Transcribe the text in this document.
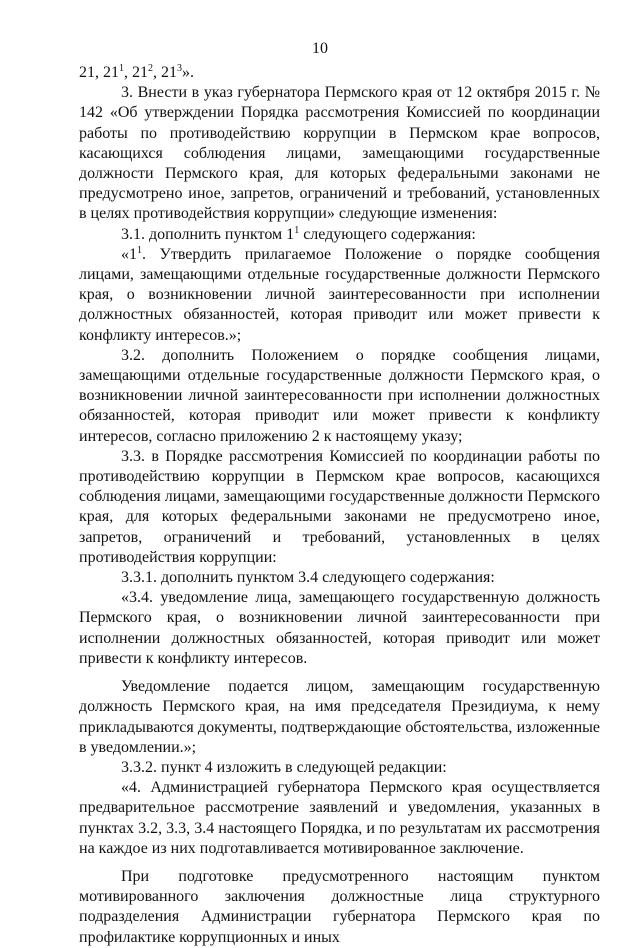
10

21, $21^1$, $21^2$, $21^3$».

3. Внести в указ губернатора Пермского края от 12 октября 2015 г. № 142 «Об утверждении Порядка рассмотрения Комиссией по координации работы по противодействию коррупции в Пермском крае вопросов, касающихся соблюдения лицами, замещающими государственные должности Пермского края, для которых федеральными законами не предусмотрено иное, запретов, ограничений и требований, установленных в целях противодействия коррупции» следующие изменения:

3.1. дополнить пунктом $1^1$ следующего содержания:

«$1^1$. Утвердить прилагаемое Положение о порядке сообщения лицами, замещающими отдельные государственные должности Пермского края, о возникновении личной заинтересованности при исполнении должностных обязанностей, которая приводит или может привести к конфликту интересов.»;

3.2. дополнить Положением о порядке сообщения лицами, замещающими отдельные государственные должности Пермского края, о возникновении личной заинтересованности при исполнении должностных обязанностей, которая приводит или может привести к конфликту интересов, согласно приложению 2 к настоящему указу;

3.3. в Порядке рассмотрения Комиссией по координации работы по противодействию коррупции в Пермском крае вопросов, касающихся соблюдения лицами, замещающими государственные должности Пермского края, для которых федеральными законами не предусмотрено иное, запретов, ограничений и требований, установленных в целях противодействия коррупции:

3.3.1. дополнить пунктом 3.4 следующего содержания:

«3.4. уведомление лица, замещающего государственную должность Пермского края, о возникновении личной заинтересованности при исполнении должностных обязанностей, которая приводит или может привести к конфликту интересов.

Уведомление подается лицом, замещающим государственную должность Пермского края, на имя председателя Президиума, к нему прикладываются документы, подтверждающие обстоятельства, изложенные в уведомлении.»;

3.3.2. пункт 4 изложить в следующей редакции:

«4. Администрацией губернатора Пермского края осуществляется предварительное рассмотрение заявлений и уведомления, указанных в пунктах 3.2, 3.3, 3.4 настоящего Порядка, и по результатам их рассмотрения на каждое из них подготавливается мотивированное заключение.

При подготовке предусмотренного настоящим пунктом мотивированного заключения должностные лица структурного подразделения Администрации губернатора Пермского края по профилактике коррупционных и иных
